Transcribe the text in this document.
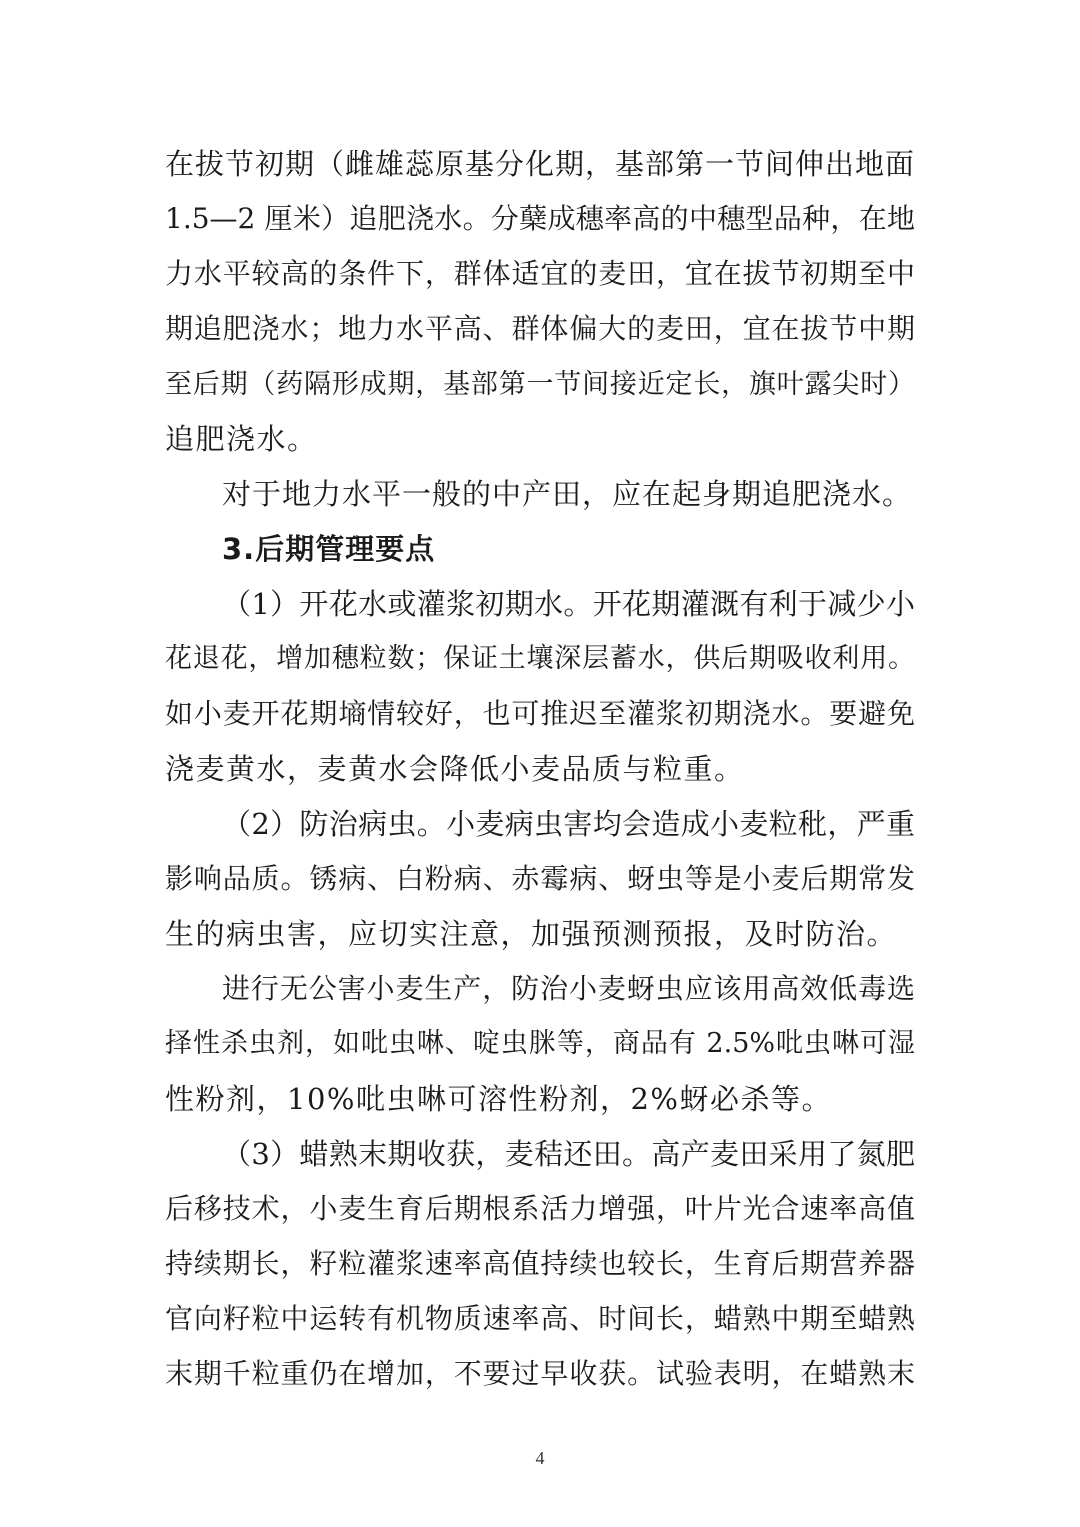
在拔节初期（雌雄蕊原基分化期，基部第一节间伸出地面
1.5—2 厘米）追肥浇水。分蘖成穗率高的中穗型品种，在地
力水平较高的条件下，群体适宜的麦田，宜在拔节初期至中
期追肥浇水；地力水平高、群体偏大的麦田，宜在拔节中期
至后期（药隔形成期，基部第一节间接近定长，旗叶露尖时）
追肥浇水。
对于地力水平一般的中产田，应在起身期追肥浇水。
3.后期管理要点
（1）开花水或灌浆初期水。开花期灌溉有利于减少小
花退花，增加穗粒数；保证土壤深层蓄水，供后期吸收利用。
如小麦开花期墒情较好，也可推迟至灌浆初期浇水。要避免
浇麦黄水，麦黄水会降低小麦品质与粒重。
（2）防治病虫。小麦病虫害均会造成小麦粒秕，严重
影响品质。锈病、白粉病、赤霉病、蚜虫等是小麦后期常发
生的病虫害，应切实注意，加强预测预报，及时防治。
进行无公害小麦生产，防治小麦蚜虫应该用高效低毒选
择性杀虫剂，如吡虫啉、啶虫脒等，商品有 2.5%吡虫啉可湿
性粉剂，10%吡虫啉可溶性粉剂，2%蚜必杀等。
（3）蜡熟末期收获，麦秸还田。高产麦田采用了氮肥
后移技术，小麦生育后期根系活力增强，叶片光合速率高值
持续期长，籽粒灌浆速率高值持续也较长，生育后期营养器
官向籽粒中运转有机物质速率高、时间长，蜡熟中期至蜡熟
末期千粒重仍在增加，不要过早收获。试验表明，在蜡熟末
4
